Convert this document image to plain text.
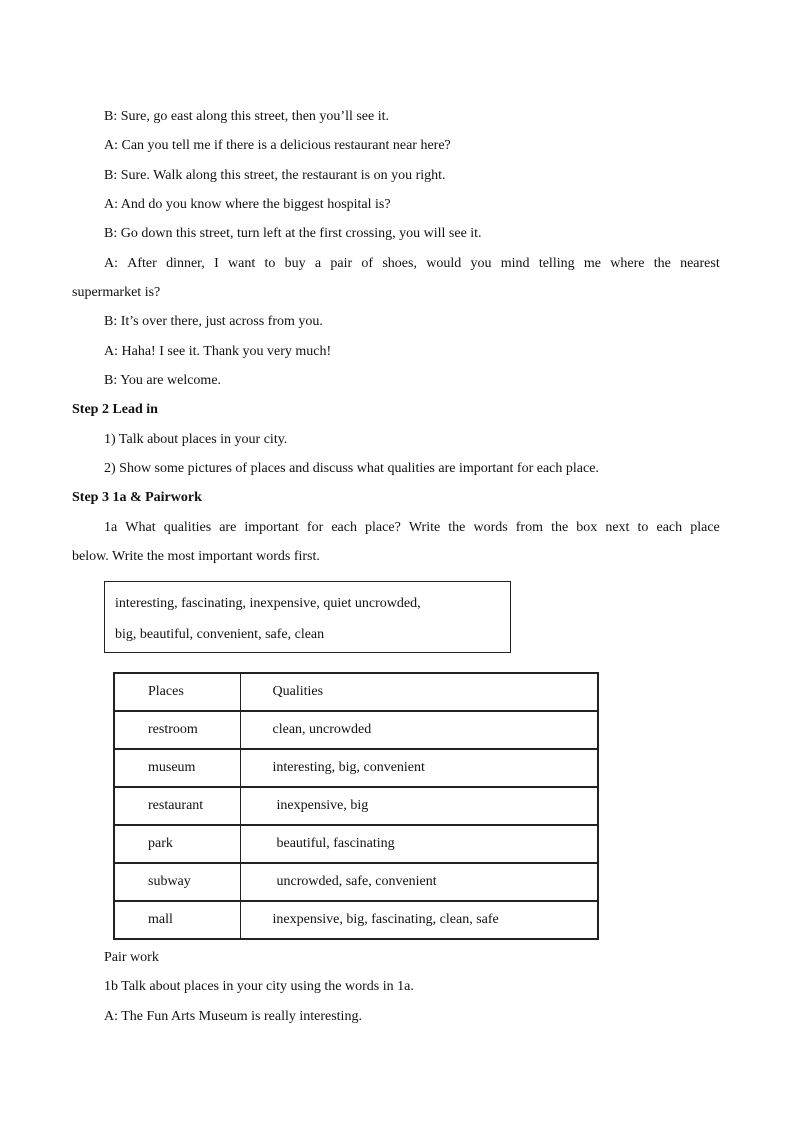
B: Sure, go east along this street, then you’ll see it.
A: Can you tell me if there is a delicious restaurant near here?
B: Sure. Walk along this street, the restaurant is on you right.
A: And do you know where the biggest hospital is?
B: Go down this street, turn left at the first crossing, you will see it.
A: After dinner, I want to buy a pair of shoes, would you mind telling me where the nearest
supermarket is?
B: It’s over there, just across from you.
A: Haha! I see it. Thank you very much!
B: You are welcome.
Step 2 Lead in
1) Talk about places in your city.
2) Show some pictures of places and discuss what qualities are important for each place.
Step 3 1a & Pairwork
1a What qualities are important for each place? Write the words from the box next to each place
below. Write the most important words first.
interesting, fascinating, inexpensive, quiet uncrowded,
big, beautiful, convenient, safe, clean
Places	Qualities
restroom	clean, uncrowded
museum	interesting, big, convenient
restaurant	inexpensive, big
park	beautiful, fascinating
subway	uncrowded, safe, convenient
mall	inexpensive, big, fascinating, clean, safe
Pair work
1b Talk about places in your city using the words in 1a.
A: The Fun Arts Museum is really interesting.
